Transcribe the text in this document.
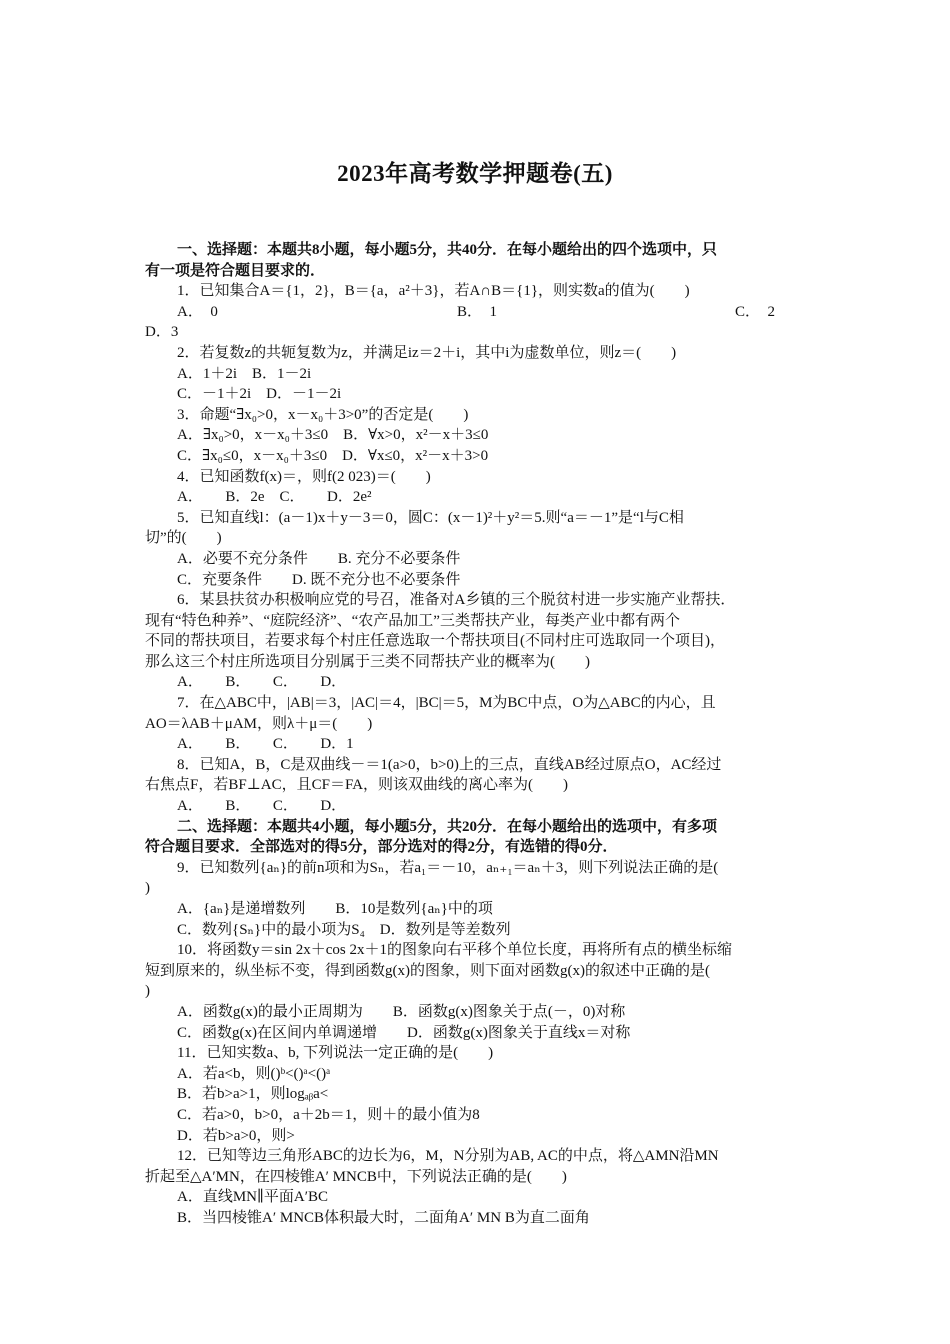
2023年高考数学押题卷(五)
一、选择题：本题共8小题，每小题5分，共40分．在每小题给出的四个选项中，只
有一项是符合题目要求的．
1．已知集合A＝{1，2}，B＝{a，a²＋3}，若A∩B＝{1}，则实数a的值为(　　)
A．　0	B．　1	C．　2
D．3
2．若复数z的共轭复数为z，并满足iz＝2＋i，其中i为虚数单位，则z＝(　　)
A．1＋2i　B．1－2i
C．－1＋2i　D．－1－2i
3．命题“∃x₀>0，x－x₀＋3>0”的否定是(　　)
A．∃x₀>0，x－x₀＋3≤0　B．∀x>0，x²－x＋3≤0
C．∃x₀≤0，x－x₀＋3≤0　D．∀x≤0，x²－x＋3>0
4．已知函数f(x)＝，则f(2 023)＝(　　)
A．　　B．2e　C．　　D．2e²
5．已知直线l：(a－1)x＋y－3＝0，圆C：(x－1)²＋y²＝5.则“a＝－1”是“l与C相
切”的(　　)
A．必要不充分条件　　B. 充分不必要条件
C．充要条件　　D. 既不充分也不必要条件
6．某县扶贫办积极响应党的号召，准备对A乡镇的三个脱贫村进一步实施产业帮扶．
现有“特色种养”、“庭院经济”、“农产品加工”三类帮扶产业，每类产业中都有两个
不同的帮扶项目，若要求每个村庄任意选取一个帮扶项目(不同村庄可选取同一个项目)，
那么这三个村庄所选项目分别属于三类不同帮扶产业的概率为(　　)
A．　　B．　　C．　　D．
7．在△ABC中，|AB|＝3，|AC|＝4，|BC|＝5，M为BC中点，O为△ABC的内心，且
AO＝λAB＋μAM，则λ＋μ＝(　　)
A．　　B．　　C．　　D．1
8．已知A，B，C是双曲线－＝1(a>0，b>0)上的三点，直线AB经过原点O，AC经过
右焦点F，若BF⊥AC，且CF＝FA，则该双曲线的离心率为(　　)
A．　　B．　　C．　　D．
二、选择题：本题共4小题，每小题5分，共20分．在每小题给出的选项中，有多项
符合题目要求．全部选对的得5分，部分选对的得2分，有选错的得0分．
9．已知数列{aₙ}的前n项和为Sₙ，若a₁＝－10，aₙ₊₁＝aₙ＋3，则下列说法正确的是(
)
A．{aₙ}是递增数列　　B．10是数列{aₙ}中的项
C．数列{Sₙ}中的最小项为S₄　D．数列是等差数列
10．将函数y＝sin 2x＋cos 2x＋1的图象向右平移个单位长度，再将所有点的横坐标缩
短到原来的，纵坐标不变，得到函数g(x)的图象，则下面对函数g(x)的叙述中正确的是(
)
A．函数g(x)的最小正周期为　　B．函数g(x)图象关于点(－，0)对称
C．函数g(x)在区间内单调递增　　D．函数g(x)图象关于直线x＝对称
11．已知实数a、b, 下列说法一定正确的是(　　)
A．若a<b，则()ᵇ<()ᵃ<()ᵃ
B．若b>a>1，则logₐᵦa<
C．若a>0，b>0，a＋2b＝1，则＋的最小值为8
D．若b>a>0，则>
12．已知等边三角形ABC的边长为6，M，N分别为AB, AC的中点，将△AMN沿MN
折起至△A′MN，在四棱锥A′ MNCB中，下列说法正确的是(　　)
A．直线MN∥平面A′BC
B．当四棱锥A′ MNCB体积最大时，二面角A′ MN B为直二面角
